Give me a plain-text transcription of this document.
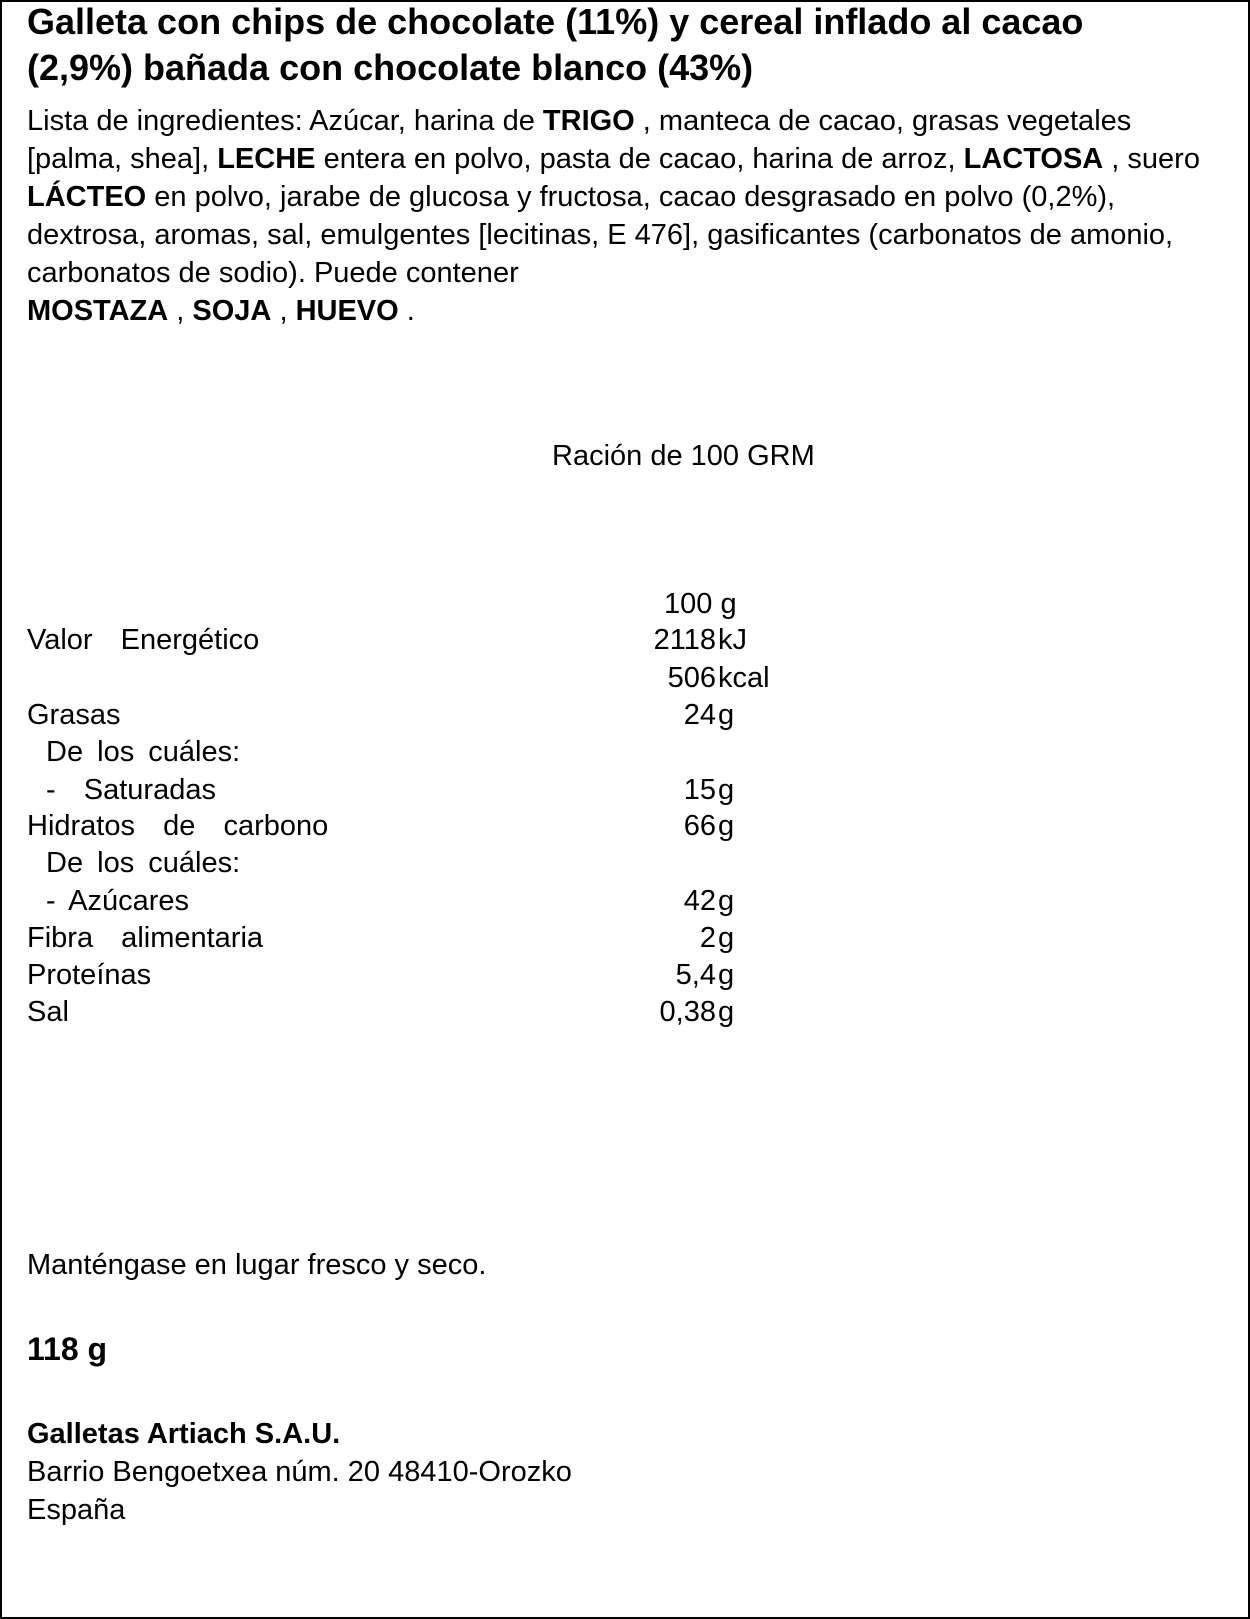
Galleta con chips de chocolate (11%) y cereal inflado al cacao
(2,9%) bañada con chocolate blanco (43%)
Lista de ingredientes: Azúcar, harina de TRIGO , manteca de cacao, grasas vegetales [palma, shea], LECHE entera en polvo, pasta de cacao, harina de arroz, LACTOSA , suero LÁCTEO en polvo, jarabe de glucosa y fructosa, cacao desgrasado en polvo (0,2%), dextrosa, aromas, sal, emulgentes [lecitinas, E 476], gasificantes (carbonatos de amonio, carbonatos de sodio). Puede contener
MOSTAZA , SOJA , HUEVO .
Ración de 100 GRM
100 g
Valor  Energético	2118 kJ
506 kcal
Grasas	24 g
De los cuáles:
-  Saturadas	15 g
Hidratos  de  carbono	66 g
De los cuáles:
- Azúcares	42 g
Fibra  alimentaria	2 g
Proteínas	5,4 g
Sal	0,38 g
Manténgase en lugar fresco y seco.
118 g
Galletas Artiach S.A.U.
Barrio Bengoetxea núm. 20 48410-Orozko
España
